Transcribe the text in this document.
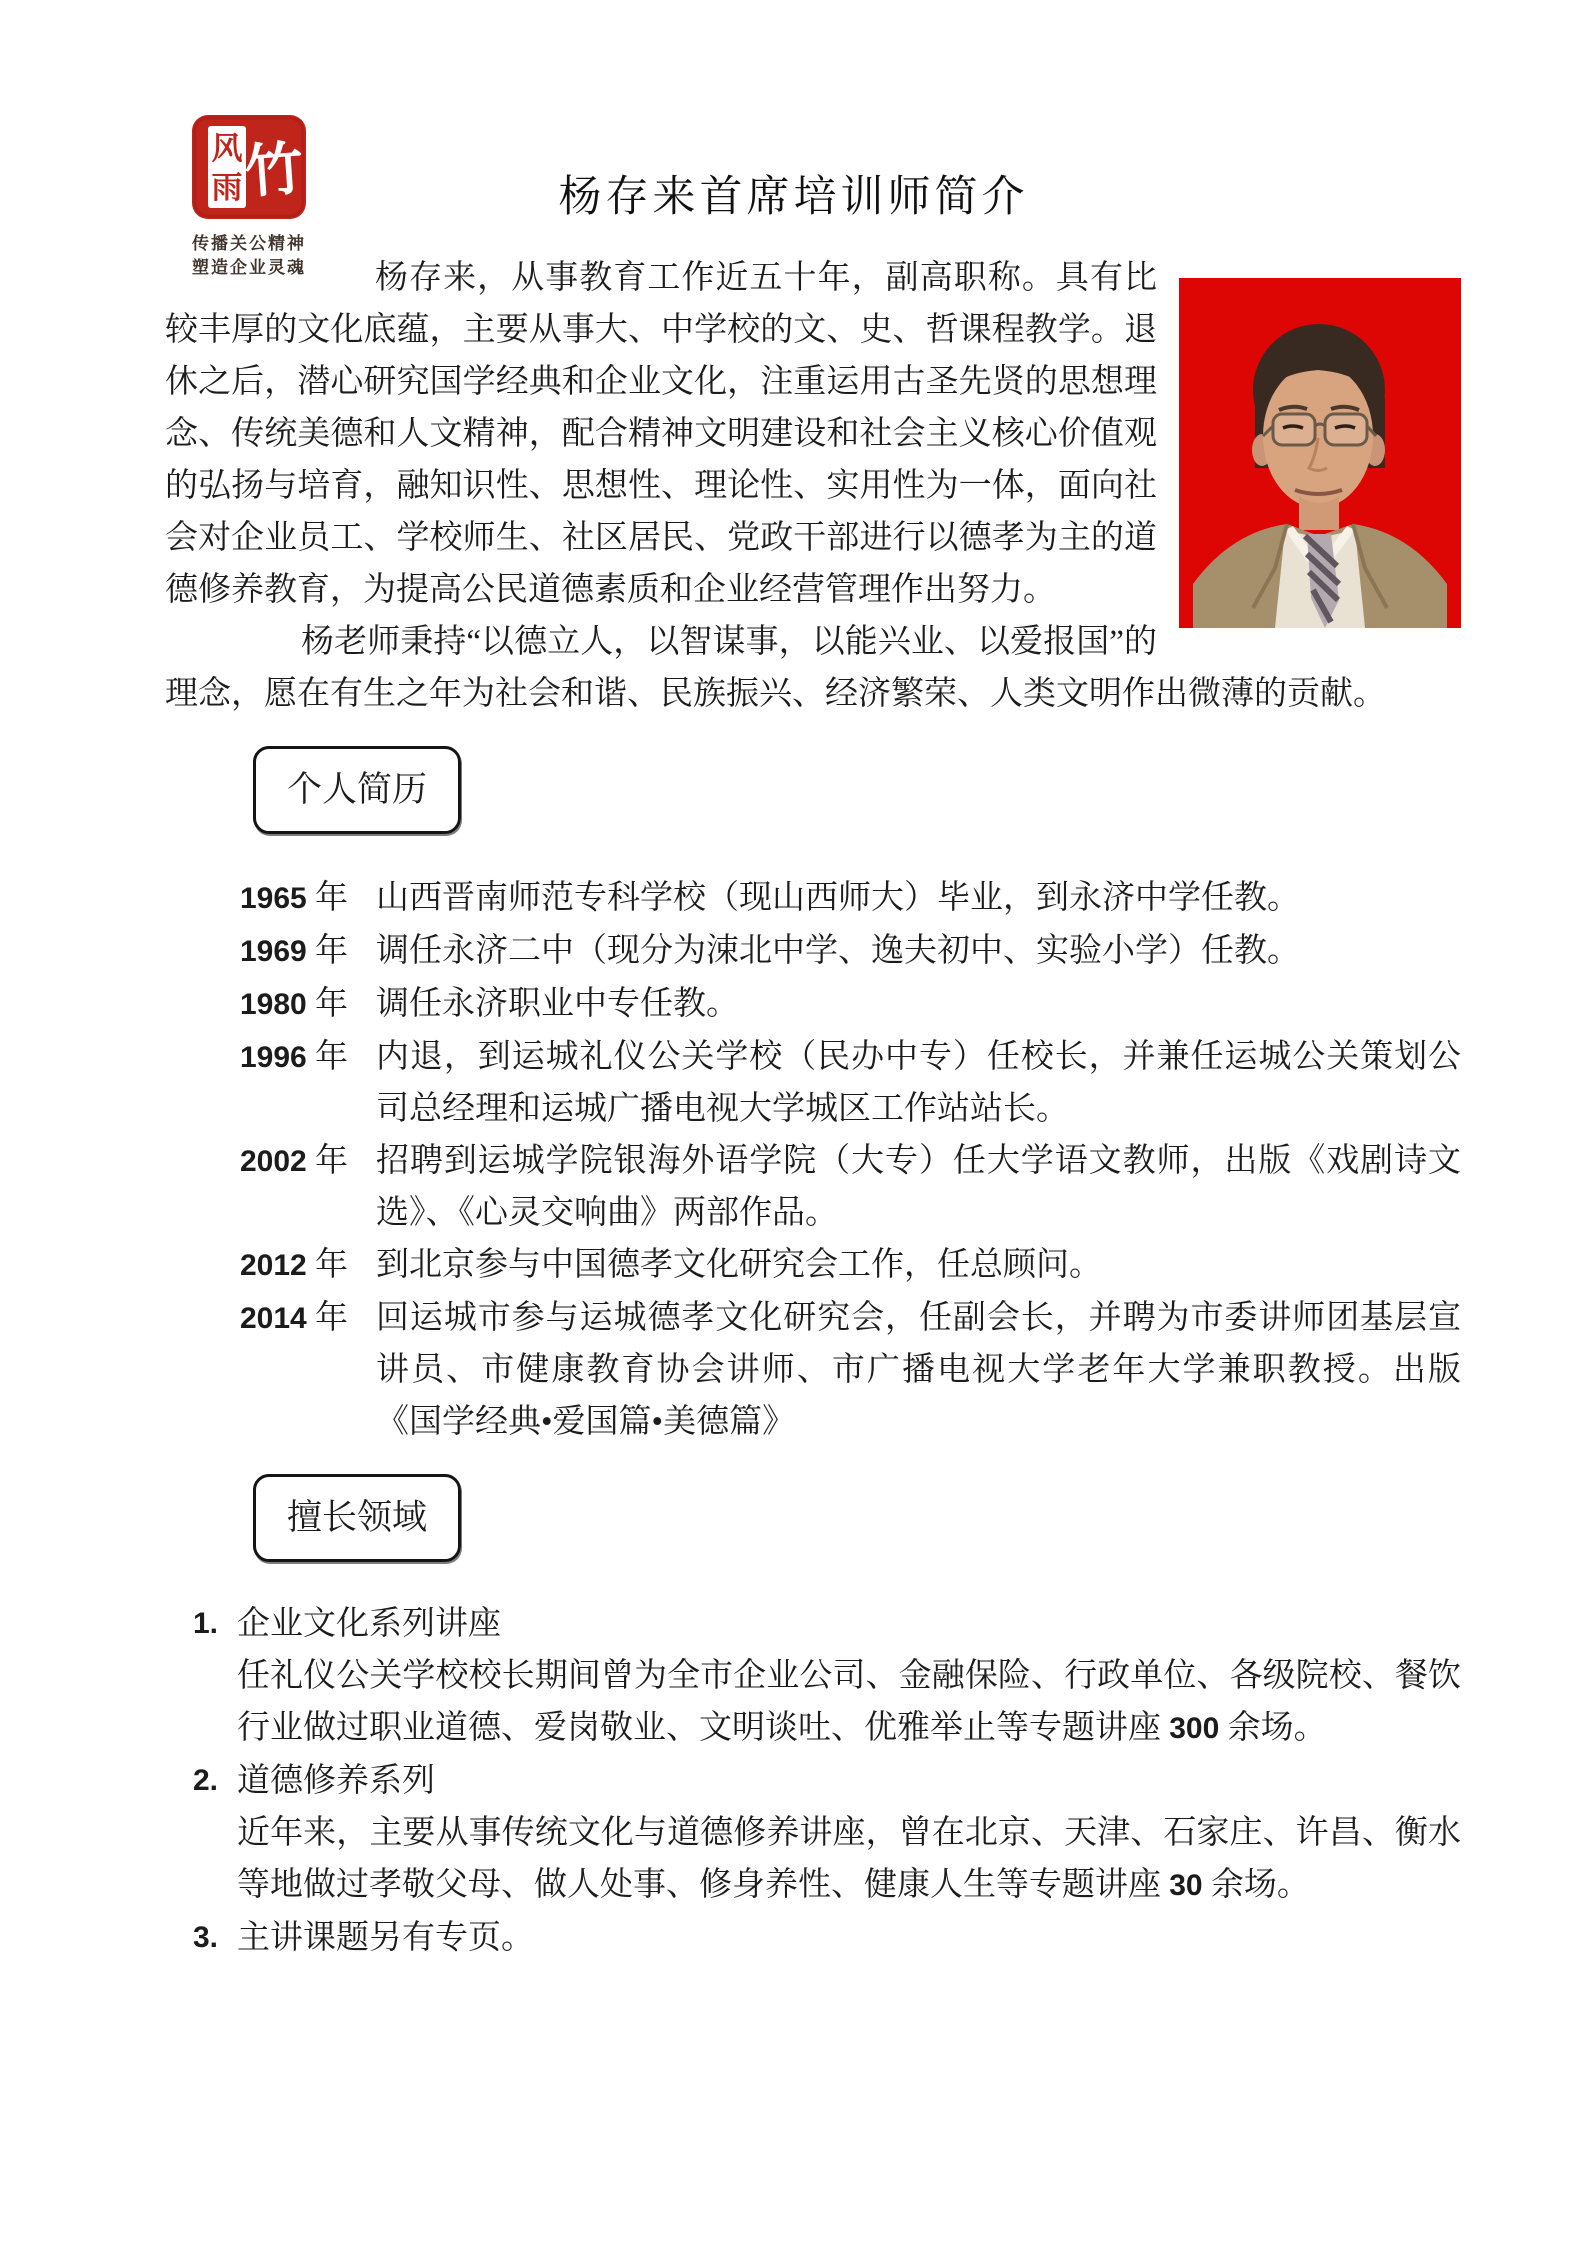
风
雨 竹
传播关公精神
塑造企业灵魂
杨存来首席培训师简介

杨存来，从事教育工作近五十年，副高职称。具有比较丰厚的文化底蕴，主要从事大、中学校的文、史、哲课程教学。退休之后，潜心研究国学经典和企业文化，注重运用古圣先贤的思想理念、传统美德和人文精神，配合精神文明建设和社会主义核心价值观的弘扬与培育，融知识性、思想性、理论性、实用性为一体，面向社会对企业员工、学校师生、社区居民、党政干部进行以德孝为主的道德修养教育，为提高公民道德素质和企业经营管理作出努力。

杨老师秉持“以德立人，以智谋事，以能兴业、以爱报国”的理念，愿在有生之年为社会和谐、民族振兴、经济繁荣、人类文明作出微薄的贡献。

个人简历
1965 年 山西晋南师范专科学校（现山西师大）毕业，到永济中学任教。
1969 年 调任永济二中（现分为涑北中学、逸夫初中、实验小学）任教。
1980 年 调任永济职业中专任教。
1996 年 内退，到运城礼仪公关学校（民办中专）任校长，并兼任运城公关策划公司总经理和运城广播电视大学城区工作站站长。
2002 年 招聘到运城学院银海外语学院（大专）任大学语文教师，出版《戏剧诗文选》、《心灵交响曲》两部作品。
2012 年 到北京参与中国德孝文化研究会工作，任总顾问。
2014 年 回运城市参与运城德孝文化研究会，任副会长，并聘为市委讲师团基层宣讲员、市健康教育协会讲师、市广播电视大学老年大学兼职教授。出版《国学经典•爱国篇•美德篇》
擅长领域
1. 企业文化系列讲座
任礼仪公关学校校长期间曾为全市企业公司、金融保险、行政单位、各级院校、餐饮行业做过职业道德、爱岗敬业、文明谈吐、优雅举止等专题讲座 300 余场。
2. 道德修养系列
近年来，主要从事传统文化与道德修养讲座，曾在北京、天津、石家庄、许昌、衡水等地做过孝敬父母、做人处事、修身养性、健康人生等专题讲座 30 余场。
3. 主讲课题另有专页。
